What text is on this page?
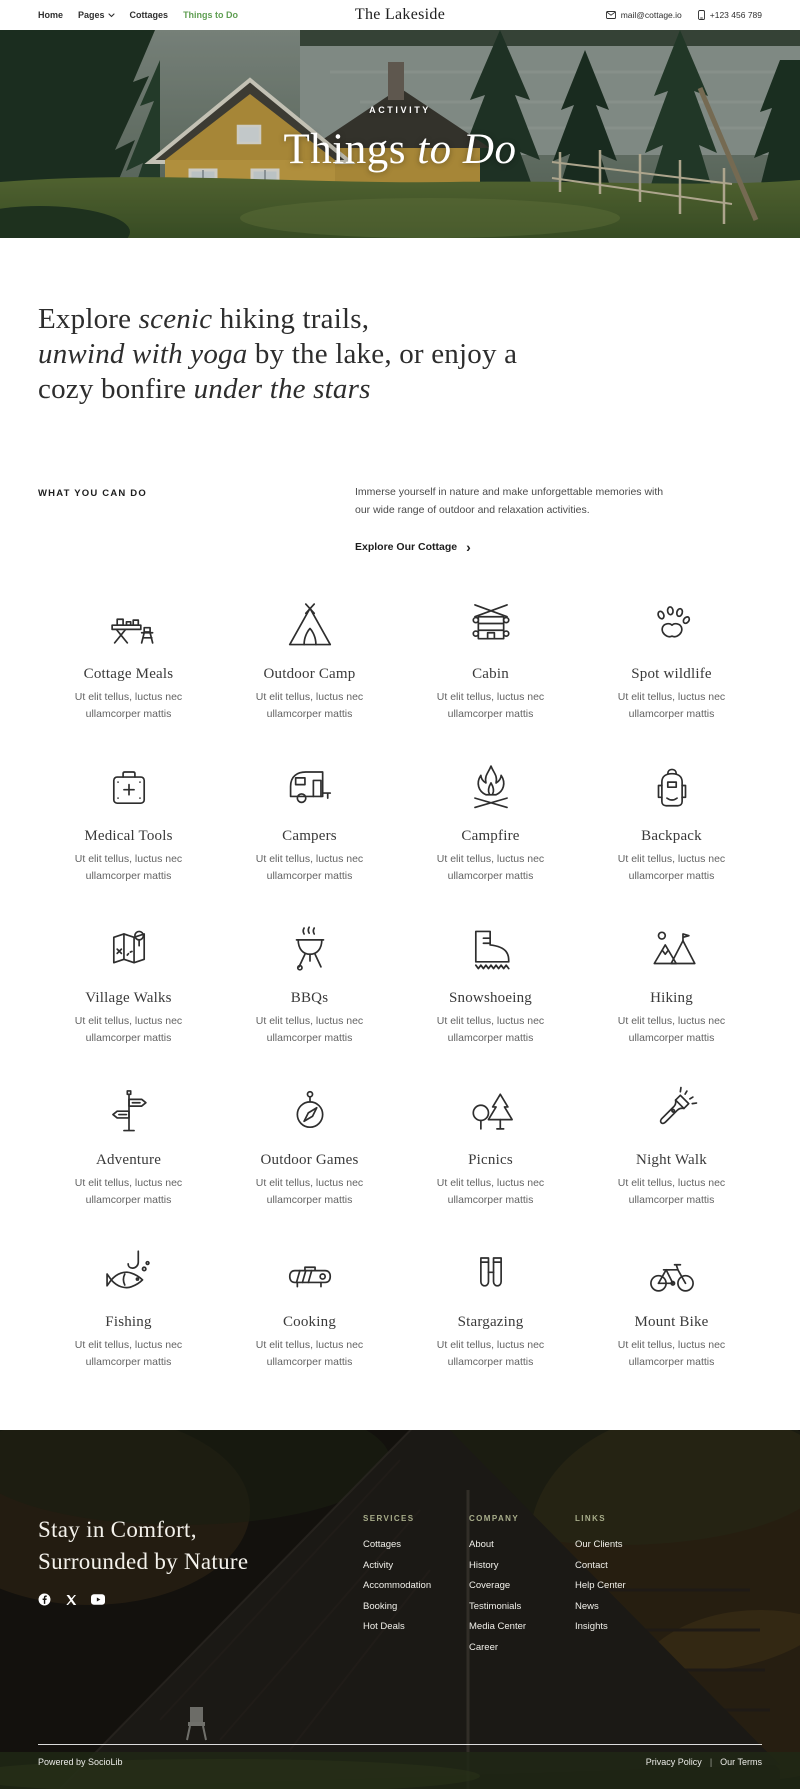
Home Pages	Cottages Things to Do	The Lakeside	mail@cottage.io	+123 456 789
ACTIVITY
Things to Do
Explore scenic hiking trails,
unwind with yoga by the lake, or enjoy a
cozy bonfire under the stars
WHAT YOU CAN DO	Immerse yourself in nature and make unforgettable memories with our wide range of outdoor and relaxation activities.

Explore Our Cottage ›
Cottage Meals

Ut elit tellus, luctus nec ullamcorper mattis

Outdoor Camp

Ut elit tellus, luctus nec ullamcorper mattis

Cabin

Ut elit tellus, luctus nec ullamcorper mattis

Spot wildlife

Ut elit tellus, luctus nec ullamcorper mattis

Medical Tools

Ut elit tellus, luctus nec ullamcorper mattis

Campers

Ut elit tellus, luctus nec ullamcorper mattis

Campfire

Ut elit tellus, luctus nec ullamcorper mattis

Backpack

Ut elit tellus, luctus nec ullamcorper mattis

Village Walks

Ut elit tellus, luctus nec ullamcorper mattis

BBQs

Ut elit tellus, luctus nec ullamcorper mattis

Snowshoeing

Ut elit tellus, luctus nec ullamcorper mattis

Hiking

Ut elit tellus, luctus nec ullamcorper mattis

Adventure

Ut elit tellus, luctus nec ullamcorper mattis

Outdoor Games

Ut elit tellus, luctus nec ullamcorper mattis

Picnics

Ut elit tellus, luctus nec ullamcorper mattis

Night Walk

Ut elit tellus, luctus nec ullamcorper mattis

Fishing

Ut elit tellus, luctus nec ullamcorper mattis

Cooking

Ut elit tellus, luctus nec ullamcorper mattis

Stargazing

Ut elit tellus, luctus nec ullamcorper mattis

Mount Bike

Ut elit tellus, luctus nec ullamcorper mattis

Stay in Comfort,
Surrounded by Nature
SERVICES
Cottages
Activity
Accommodation
Booking
Hot Deals
COMPANY
About
History
Coverage
Testimonials
Media Center
Career
LINKS
Our Clients
Contact
Help Center
News
Insights
Powered by SocioLib	Privacy Policy | Our Terms
